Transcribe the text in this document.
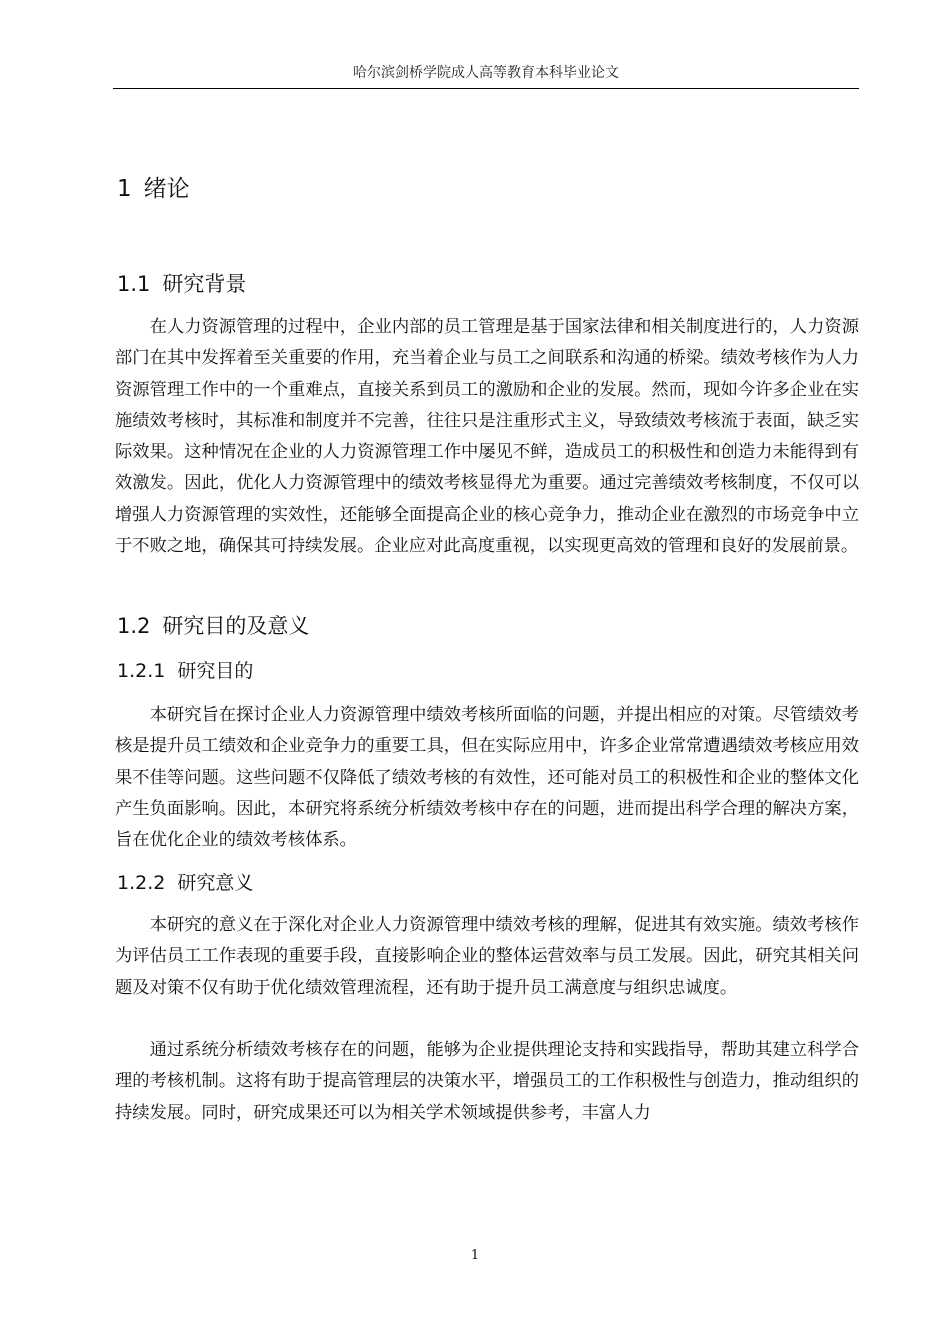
哈尔滨剑桥学院成人高等教育本科毕业论文
1 绪论
1.1 研究背景

在人力资源管理的过程中，企业内部的员工管理是基于国家法律和相关制度进行的，人力资源部门在其中发挥着至关重要的作用，充当着企业与员工之间联系和沟通的桥梁。绩效考核作为人力资源管理工作中的一个重难点，直接关系到员工的激励和企业的发展。然而，现如今许多企业在实施绩效考核时，其标准和制度并不完善，往往只是注重形式主义，导致绩效考核流于表面，缺乏实际效果。这种情况在企业的人力资源管理工作中屡见不鲜，造成员工的积极性和创造力未能得到有效激发。因此，优化人力资源管理中的绩效考核显得尤为重要。通过完善绩效考核制度，不仅可以增强人力资源管理的实效性，还能够全面提高企业的核心竞争力，推动企业在激烈的市场竞争中立于不败之地，确保其可持续发展。企业应对此高度重视，以实现更高效的管理和良好的发展前景。

1.2 研究目的及意义
1.2.1 研究目的

本研究旨在探讨企业人力资源管理中绩效考核所面临的问题，并提出相应的对策。尽管绩效考核是提升员工绩效和企业竞争力的重要工具，但在实际应用中，许多企业常常遭遇绩效考核应用效果不佳等问题。这些问题不仅降低了绩效考核的有效性，还可能对员工的积极性和企业的整体文化产生负面影响。因此，本研究将系统分析绩效考核中存在的问题，进而提出科学合理的解决方案，旨在优化企业的绩效考核体系。

1.2.2 研究意义

本研究的意义在于深化对企业人力资源管理中绩效考核的理解，促进其有效实施。绩效考核作为评估员工工作表现的重要手段，直接影响企业的整体运营效率与员工发展。因此，研究其相关问题及对策不仅有助于优化绩效管理流程，还有助于提升员工满意度与组织忠诚度。

通过系统分析绩效考核存在的问题，能够为企业提供理论支持和实践指导，帮助其建立科学合理的考核机制。这将有助于提高管理层的决策水平，增强员工的工作积极性与创造力，推动组织的持续发展。同时，研究成果还可以为相关学术领域提供参考，丰富人力

1
